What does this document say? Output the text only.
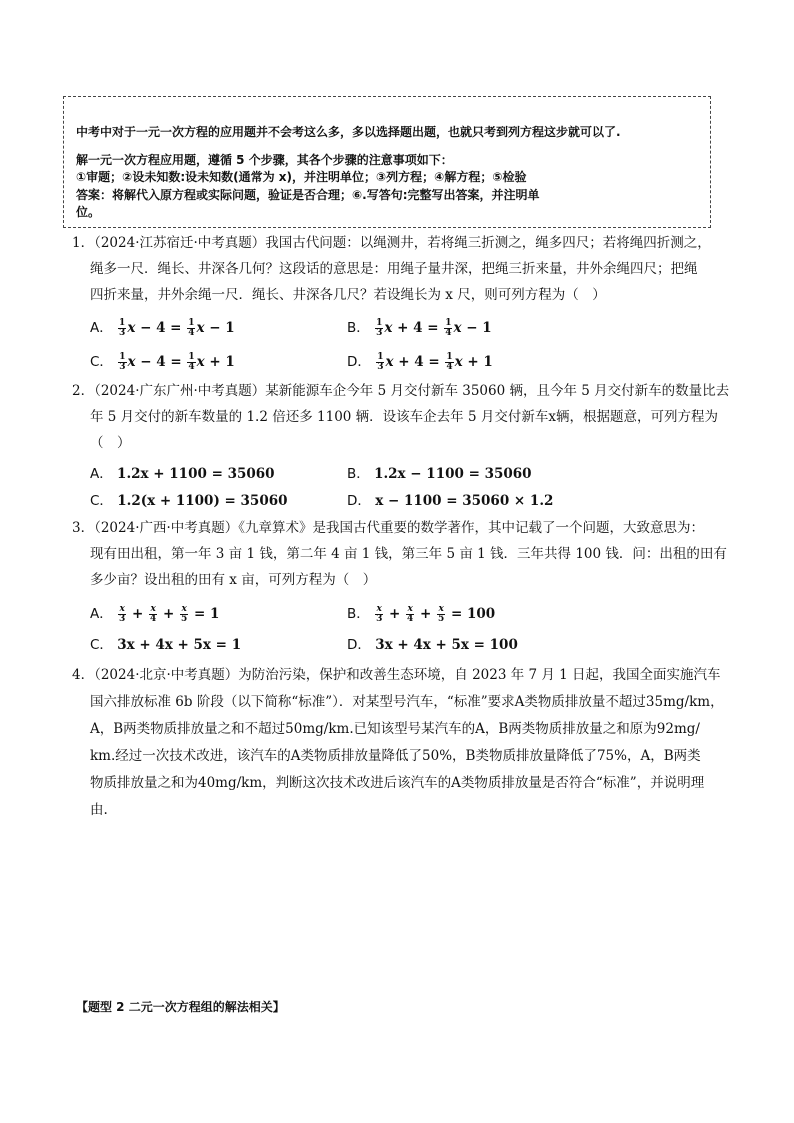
中考中对于一元一次方程的应用题并不会考这么多，多以选择题出题，也就只考到列方程这步就可以了.
解一元一次方程应用题，遵循 5 个步骤，其各个步骤的注意事项如下：
①审题；②设未知数:设未知数(通常为 x)，并注明单位；③列方程；④解方程；⑤检验
答案：将解代入原方程或实际问题，验证是否合理；⑥.写答句:完整写出答案，并注明单
位。
1．（2024·江苏宿迁·中考真题）我国古代问题：以绳测井，若将绳三折测之，绳多四尺；若将绳四折测之，
绳多一尺．绳长、井深各几何？这段话的意思是：用绳子量井深，把绳三折来量，井外余绳四尺；把绳
四折来量，井外余绳一尺．绳长、井深各几尺？若设绳长为 x 尺，则可列方程为（　）
A． $\frac{1}{3}$ $x - 4 = \frac{1}{4}$ x − 1	B． $\frac{1}{3}$ $x + 4 = \frac{1}{4}$ x − 1
C． $\frac{1}{3}$ $x - 4 = \frac{1}{4}$ x + 1	D． $\frac{1}{3}$ $x + 4 = \frac{1}{4}$ x + 1
2．（2024·广东广州·中考真题）某新能源车企今年 5 月交付新车 35060 辆，且今年 5 月交付新车的数量比去
年 5 月交付的新车数量的 1.2 倍还多 1100 辆．设该车企去年 5 月交付新车x辆，根据题意，可列方程为
（　）
A． 1.2x + 1100 = 35060	B． 1.2x − 1100 = 35060
C． 1.2(x + 1100) = 35060	D． x − 1100 = 35060 × 1.2
3．（2024·广西·中考真题）《九章算术》是我国古代重要的数学著作，其中记载了一个问题，大致意思为：
现有田出租，第一年 3 亩 1 钱，第二年 4 亩 1 钱，第三年 5 亩 1 钱．三年共得 100 钱．问：出租的田有
多少亩？设出租的田有 x 亩，可列方程为（　）
A． $\frac{x}{3} + \frac{x}{4} + \frac{x}{5} = 1$	B． $\frac{x}{3} + \frac{x}{4} + \frac{x}{5} = 100$
C． 3x + 4x + 5x = 1	D． 3x + 4x + 5x = 100
4．（2024·北京·中考真题）为防治污染，保护和改善生态环境，自 2023 年 7 月 1 日起，我国全面实施汽车
国六排放标准 6b 阶段（以下简称“标准”）．对某型号汽车，“标准”要求A类物质排放量不超过35mg/km，
A，B两类物质排放量之和不超过50mg/km.已知该型号某汽车的A，B两类物质排放量之和原为92mg/
km.经过一次技术改进，该汽车的A类物质排放量降低了50%，B类物质排放量降低了75%，A，B两类
物质排放量之和为40mg/km，判断这次技术改进后该汽车的A类物质排放量是否符合“标准”，并说明理
由.
【题型 2 二元一次方程组的解法相关】
